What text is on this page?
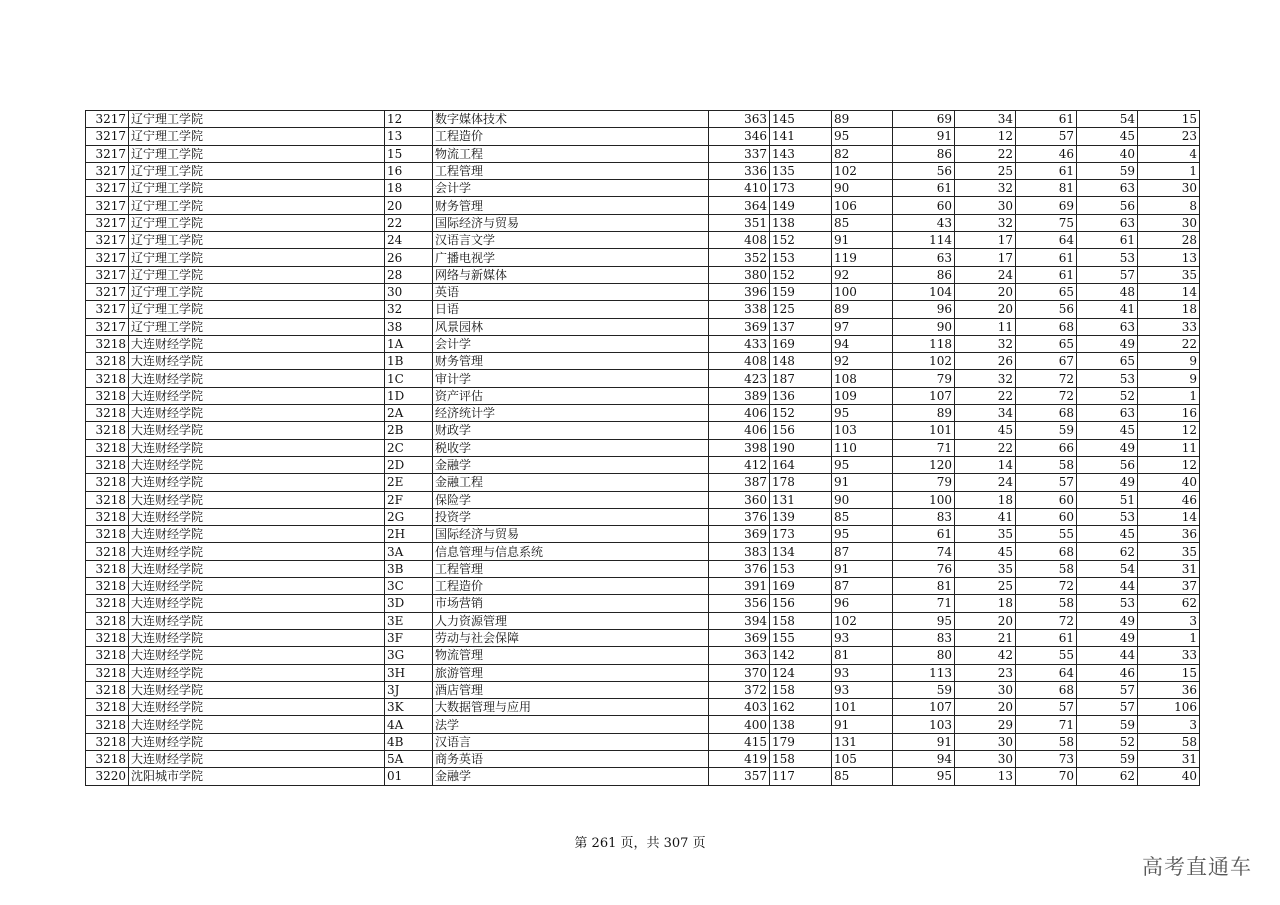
3217	辽宁理工学院	12	数字媒体技术	363	145	89	69	34	61	54	15
3217	辽宁理工学院	13	工程造价	346	141	95	91	12	57	45	23
3217	辽宁理工学院	15	物流工程	337	143	82	86	22	46	40	4
3217	辽宁理工学院	16	工程管理	336	135	102	56	25	61	59	1
3217	辽宁理工学院	18	会计学	410	173	90	61	32	81	63	30
3217	辽宁理工学院	20	财务管理	364	149	106	60	30	69	56	8
3217	辽宁理工学院	22	国际经济与贸易	351	138	85	43	32	75	63	30
3217	辽宁理工学院	24	汉语言文学	408	152	91	114	17	64	61	28
3217	辽宁理工学院	26	广播电视学	352	153	119	63	17	61	53	13
3217	辽宁理工学院	28	网络与新媒体	380	152	92	86	24	61	57	35
3217	辽宁理工学院	30	英语	396	159	100	104	20	65	48	14
3217	辽宁理工学院	32	日语	338	125	89	96	20	56	41	18
3217	辽宁理工学院	38	风景园林	369	137	97	90	11	68	63	33
3218	大连财经学院	1A	会计学	433	169	94	118	32	65	49	22
3218	大连财经学院	1B	财务管理	408	148	92	102	26	67	65	9
3218	大连财经学院	1C	审计学	423	187	108	79	32	72	53	9
3218	大连财经学院	1D	资产评估	389	136	109	107	22	72	52	1
3218	大连财经学院	2A	经济统计学	406	152	95	89	34	68	63	16
3218	大连财经学院	2B	财政学	406	156	103	101	45	59	45	12
3218	大连财经学院	2C	税收学	398	190	110	71	22	66	49	11
3218	大连财经学院	2D	金融学	412	164	95	120	14	58	56	12
3218	大连财经学院	2E	金融工程	387	178	91	79	24	57	49	40
3218	大连财经学院	2F	保险学	360	131	90	100	18	60	51	46
3218	大连财经学院	2G	投资学	376	139	85	83	41	60	53	14
3218	大连财经学院	2H	国际经济与贸易	369	173	95	61	35	55	45	36
3218	大连财经学院	3A	信息管理与信息系统	383	134	87	74	45	68	62	35
3218	大连财经学院	3B	工程管理	376	153	91	76	35	58	54	31
3218	大连财经学院	3C	工程造价	391	169	87	81	25	72	44	37
3218	大连财经学院	3D	市场营销	356	156	96	71	18	58	53	62
3218	大连财经学院	3E	人力资源管理	394	158	102	95	20	72	49	3
3218	大连财经学院	3F	劳动与社会保障	369	155	93	83	21	61	49	1
3218	大连财经学院	3G	物流管理	363	142	81	80	42	55	44	33
3218	大连财经学院	3H	旅游管理	370	124	93	113	23	64	46	15
3218	大连财经学院	3J	酒店管理	372	158	93	59	30	68	57	36
3218	大连财经学院	3K	大数据管理与应用	403	162	101	107	20	57	57	106
3218	大连财经学院	4A	法学	400	138	91	103	29	71	59	3
3218	大连财经学院	4B	汉语言	415	179	131	91	30	58	52	58
3218	大连财经学院	5A	商务英语	419	158	105	94	30	73	59	31
3220	沈阳城市学院	01	金融学	357	117	85	95	13	70	62	40
第 261 页，共 307 页
高考直通车
